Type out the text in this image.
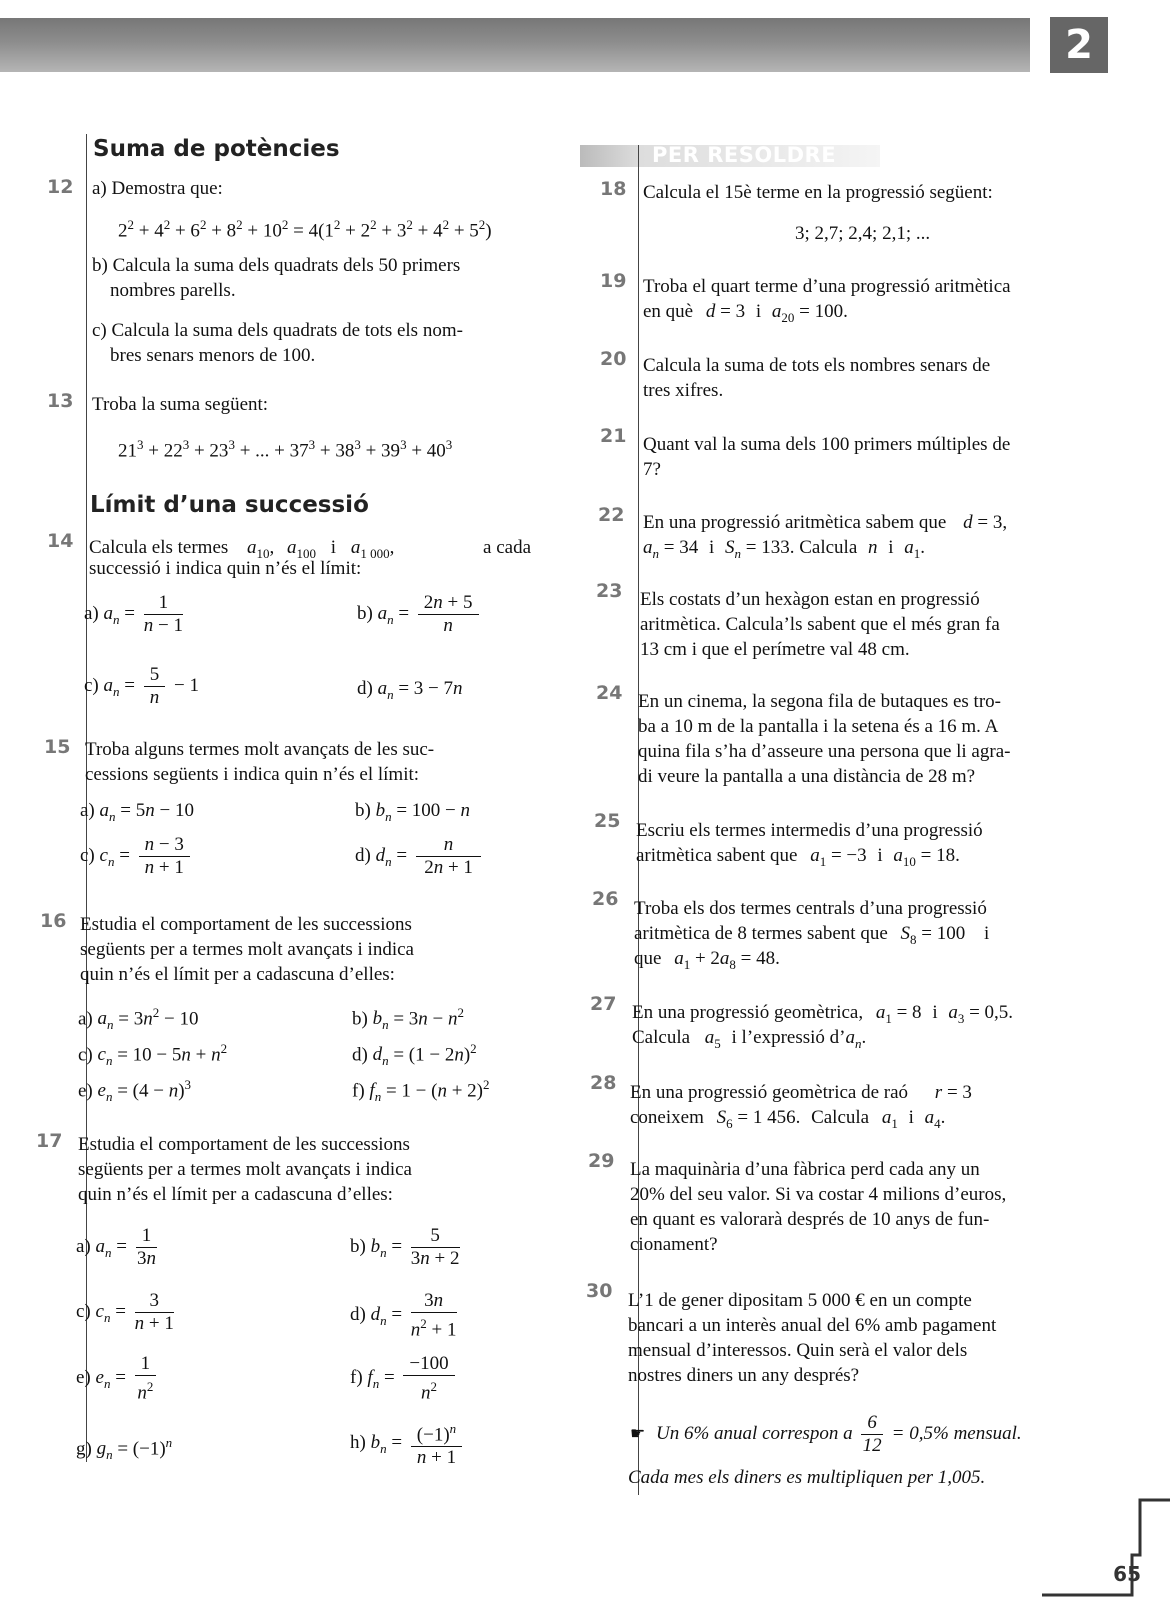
2
Suma de potències
12 a) Demostra que:
$2^2 + 4^2 + 6^2 + 8^2 + 10^2 = 4(1^2 + 2^2 + 3^2 + 4^2 + 5^2)$
b) Calcula la suma dels quadrats dels 50 primers
nombres parells.
c) Calcula la suma dels quadrats de tots els nom-
bres senars menors de 100.
13 Troba la suma següent:
$21^3 + 22^3 + 23^3$ + ... + $37^3 + 38^3 + 39^3 + 40^3$
Límit d’una successió
14 Calcula els termes $a_{10}$, $a_{100}$ i $a_{1 000}$,	a cada
successió i indica quin n’és el límit:
a) $a_n = \frac{1}{n - 1}$	b) $a_n = \frac{2n + 5}{n}$
c) $a_n = \frac{5}{n} - 1$	d) $a_n = 3 - 7n$
15 Troba alguns termes molt avançats de les suc-
cessions següents i indica quin n’és el límit:
a) $a_n = 5n - 10$	b) $b_n = 100 - n$
c) $c_n = \frac{n - 3}{n + 1}$	d) $d_n = \frac{n}{2n + 1}$
16 Estudia el comportament de les successions
següents per a termes molt avançats i indica
quin n’és el límit per a cadascuna d’elles:
a) $a_n = 3n^2 - 10$	b) $b_n = 3n - n^2$
c) $c_n = 10 - 5n + n^2$	d) $d_n = (1 - 2n)^2$
e) $e_n = (4 - n)^3$	f) $f_n = 1 - (n + 2)^2$
17 Estudia el comportament de les successions
següents per a termes molt avançats i indica
quin n’és el límit per a cadascuna d’elles:
a) $a_n = \frac{1}{3n}$	b) $b_n = \frac{5}{3n + 2}$
c) $c_n = \frac{3}{n + 1}$	d) $d_n = \frac{3n}{n^2 + 1}$
e) $e_n = \frac{1}{n^2}$	f) $f_n = \frac{-100}{n^2}$
g) $g_n = (-1)^n$	h) $b_n = \frac{(-1)^n}{n + 1}$
PER RESOLDRE
18 Calcula el 15è terme en la progressió següent:
3; 2,7; 2,4; 2,1; ...
19 Troba el quart terme d’una progressió aritmètica
en què d = 3 i $a_{20} = 100$.
20 Calcula la suma de tots els nombres senars de
tres xifres.
21 Quant val la suma dels 100 primers múltiples de
7?
22 En una progressió aritmètica sabem que d = 3,
$a_n = 34$ i $S_n = 133$. Calcula n i $a_1$.
23 Els costats d’un hexàgon estan en progressió
aritmètica. Calcula’ls sabent que el més gran fa
13 cm i que el perímetre val 48 cm.
24 En un cinema, la segona fila de butaques es tro-
ba a 10 m de la pantalla i la setena és a 16 m. A
quina fila s’ha d’asseure una persona que li agra-
di veure la pantalla a una distància de 28 m?
25 Escriu els termes intermedis d’una progressió
aritmètica sabent que $a_1 = -3$ i $a_{10} = 18$.
26 Troba els dos termes centrals d’una progressió
aritmètica de 8 termes sabent que $S_8 = 100$ i
que $a_1 + 2a_8 = 48$.
27 En una progressió geomètrica, $a_1 = 8$ i $a_3 = 0,5$.
Calcula $a_5$ i l’expressió $d’a_n$.
28 En una progressió geomètrica de raó r = 3
coneixem $S_6 = 1$ 456. Calcula $a_1$ i $a_4$.
29 La maquinària d’una fàbrica perd cada any un
20% del seu valor. Si va costar 4 milions d’euros,
en quant es valorarà després de 10 anys de fun-
cionament?
30 L’1 de gener dipositam 5 000 € en un compte
bancari a un interès anual del 6% amb pagament
mensual d’interessos. Quin serà el valor dels
nostres diners un any després?
☛ Un 6% anual correspon a $\frac{6}{12} = 0,5\%$ mensual.
Cada mes els diners es multipliquen per 1,005.
65
